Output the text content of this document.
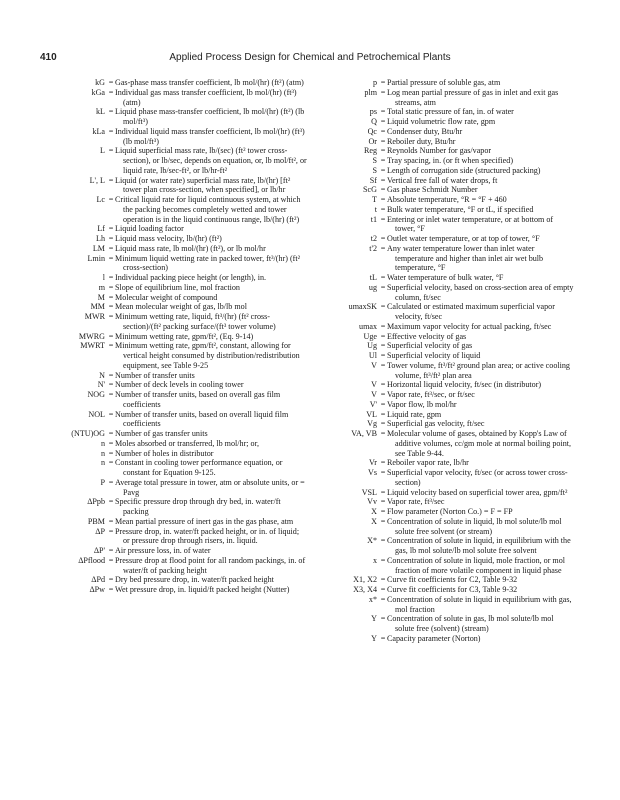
410	Applied Process Design for Chemical and Petrochemical Plants
kG = Gas-phase mass transfer coefficient, lb mol/(hr) (ft²) (atm)
kGa = Individual gas mass transfer coefficient, lb mol/(hr) (ft³) (atm)
kL = Liquid phase mass-transfer coefficient, lb mol/(hr) (ft²) (lb mol/ft³)
kLa = Individual liquid mass transfer coefficient, lb mol/(hr) (ft³) (lb mol/ft³)
L = Liquid superficial mass rate, lb/(sec) (ft² tower cross-section), or lb/sec, depends on equation, or, lb mol/ft², or liquid rate, lb/sec-ft², or lb/hr-ft²
L', L = Liquid (or water rate) superficial mass rate, lb/(hr) [ft² tower plan cross-section, when specified], or lb/hr
Lc = Critical liquid rate for liquid continuous system, at which the packing becomes completely wetted and tower operation is in the liquid continuous range, lb/(hr) (ft²)
Lf = Liquid loading factor
Lh = Liquid mass velocity, lb/(hr) (ft²)
LM = Liquid mass rate, lb mol/(hr) (ft²), or lb mol/hr
Lmin = Minimum liquid wetting rate in packed tower, ft³/(hr) (ft² cross-section)
l = Individual packing piece height (or length), in.
m = Slope of equilibrium line, mol fraction
M = Molecular weight of compound
MM = Mean molecular weight of gas, lb/lb mol
MWR = Minimum wetting rate, liquid, ft³/(hr) (ft² cross-section)/(ft² packing surface/(ft³ tower volume)
MWRG = Minimum wetting rate, gpm/ft², (Eq. 9-14)
MWRT = Minimum wetting rate, gpm/ft², constant, allowing for vertical height consumed by distribution/redistribution equipment, see Table 9-25
N = Number of transfer units
N' = Number of deck levels in cooling tower
NOG = Number of transfer units, based on overall gas film coefficients
NOL = Number of transfer units, based on overall liquid film coefficients
(NTU)OG = Number of gas transfer units
n = Moles absorbed or transferred, lb mol/hr; or,
n = Number of holes in distributor
n = Constant in cooling tower performance equation, or constant for Equation 9-125.
P = Average total pressure in tower, atm or absolute units, or = Pavg
ΔPpb = Specific pressure drop through dry bed, in. water/ft packing
PBM = Mean partial pressure of inert gas in the gas phase, atm
ΔP = Pressure drop, in. water/ft packed height, or in. of liquid; or pressure drop through risers, in. liquid.
ΔP' = Air pressure loss, in. of water
ΔPflood = Pressure drop at flood point for all random packings, in. of water/ft of packing height
ΔPd = Dry bed pressure drop, in. water/ft packed height
ΔPw = Wet pressure drop, in. liquid/ft packed height (Nutter)
p = Partial pressure of soluble gas, atm
plm = Log mean partial pressure of gas in inlet and exit gas streams, atm
ps = Total static pressure of fan, in. of water
Q = Liquid volumetric flow rate, gpm
Qc = Condenser duty, Btu/hr
Or = Reboiler duty, Btu/hr
Reg = Reynolds Number for gas/vapor
S = Tray spacing, in. (or ft when specified)
S = Length of corrugation side (structured packing)
Sf = Vertical free fall of water drops, ft
ScG = Gas phase Schmidt Number
T = Absolute temperature, °R = °F + 460
t = Bulk water temperature, °F or tL, if specified
t1 = Entering or inlet water temperature, or at bottom of tower, °F
t2 = Outlet water temperature, or at top of tower, °F
t'2 = Any water temperature lower than inlet water temperature and higher than inlet air wet bulb temperature, °F
tL = Water temperature of bulk water, °F
ug = Superficial velocity, based on cross-section area of empty column, ft/sec
umaxSK = Calculated or estimated maximum superficial vapor velocity, ft/sec
umax = Maximum vapor velocity for actual packing, ft/sec
Uge = Effective velocity of gas
Ug = Superficial velocity of gas
Ul = Superficial velocity of liquid
V = Tower volume, ft³/ft² ground plan area; or active cooling volume, ft³/ft² plan area
V = Horizontal liquid velocity, ft/sec (in distributor)
V = Vapor rate, ft³/sec, or ft/sec
V' = Vapor flow, lb mol/hr
VL = Liquid rate, gpm
Vg = Superficial gas velocity, ft/sec
VA, VB = Molecular volume of gases, obtained by Kopp's Law of additive volumes, cc/gm mole at normal boiling point, see Table 9-44.
Vr = Reboiler vapor rate, lb/hr
Vs = Superficial vapor velocity, ft/sec (or across tower cross-section)
VSL = Liquid velocity based on superficial tower area, gpm/ft²
Vv = Vapor rate, ft³/sec
X = Flow parameter (Norton Co.) = F = FP
X = Concentration of solute in liquid, lb mol solute/lb mol solute free solvent (or stream)
X* = Concentration of solute in liquid, in equilibrium with the gas, lb mol solute/lb mol solute free solvent
x = Concentration of solute in liquid, mole fraction, or mol fraction of more volatile component in liquid phase
X1, X2 = Curve fit coefficients for C2, Table 9-32
X3, X4 = Curve fit coefficients for C3, Table 9-32
x* = Concentration of solute in liquid in equilibrium with gas, mol fraction
Y = Concentration of solute in gas, lb mol solute/lb mol solute free (solvent) (stream)
Y = Capacity parameter (Norton)
